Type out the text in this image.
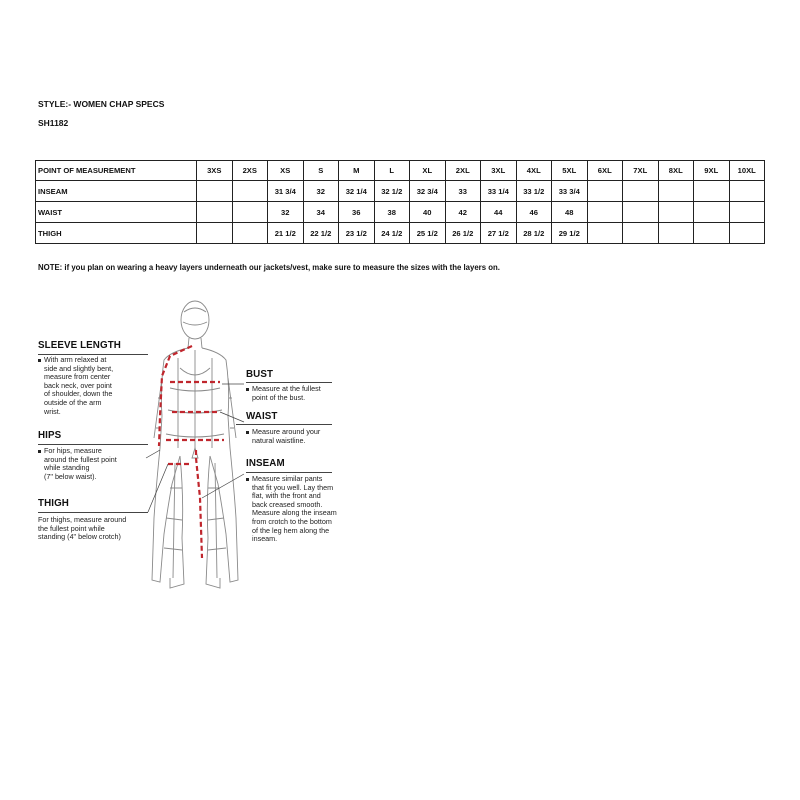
STYLE:- WOMEN CHAP SPECS
SH1182
POINT OF MEASUREMENT	3XS	2XS	XS	S	M	L	XL	2XL	3XL	4XL	5XL	6XL	7XL	8XL	9XL	10XL
INSEAM			31 3/4	32	32 1/4	32 1/2	32 3/4	33	33 1/4	33 1/2	33 3/4					
WAIST			32	34	36	38	40	42	44	46	48					
THIGH			21 1/2	22 1/2	23 1/2	24 1/2	25 1/2	26 1/2	27 1/2	28 1/2	29 1/2					
NOTE: if you plan on wearing a heavy layers underneath our jackets/vest, make sure to measure the sizes with the layers on.
SLEEVE LENGTH
With arm relaxed at
side and slightly bent,
measure from center
back neck, over point
of shoulder, down the
outside of the arm
wrist.
HIPS
For hips, measure
around the fullest point
while standing
(7" below waist).
THIGH
For thighs, measure around
the fullest point while
standing (4" below crotch)
BUST
Measure at the fullest
point of the bust.
WAIST
Measure around your
natural waistline.
INSEAM
Measure similar pants
that fit you well. Lay them
flat, with the front and
back creased smooth.
Measure along the inseam
from crotch to the bottom
of the leg hem along the
inseam.
